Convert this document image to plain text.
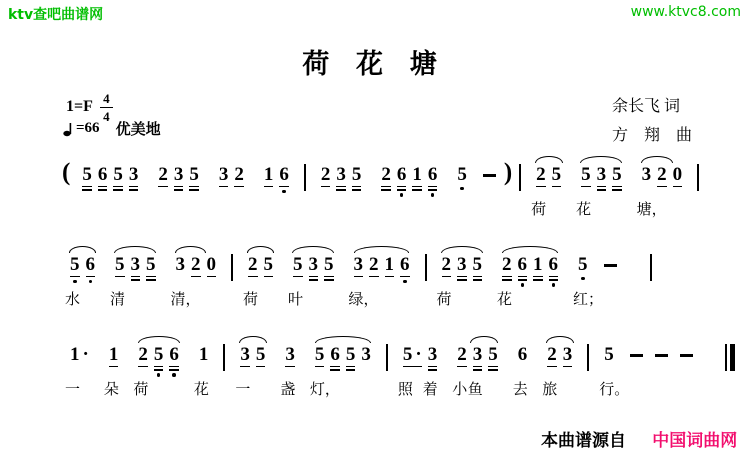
ktv查吧曲谱网	www.ktvc8.com
荷 花 塘
$1=F \frac{4}{4}$
=66 优美地
余长飞 词
方　翔　曲
( 5 6 5 3 2 3 5 3 2 1 6 2 3 5 2 6 1 6 5 ) 2
荷
5 5
花
3 5 3
塘，
2 0
5
水
6 5
清
3 5 3
清，
2 0 2
荷
5 5
叶
3 5 3
绿，
2 1 6 2
荷
3 5 2
花
6 1 6 5
红；
1 ·
一
1
朵
2
荷
5 6 1
花
3
一
5 3
盏
5
灯，
6 5 3 5 ·
照
3
着
2
小
3
鱼
5 6
去
2
旅
3 5
行。
本曲谱源自 中国词曲网
